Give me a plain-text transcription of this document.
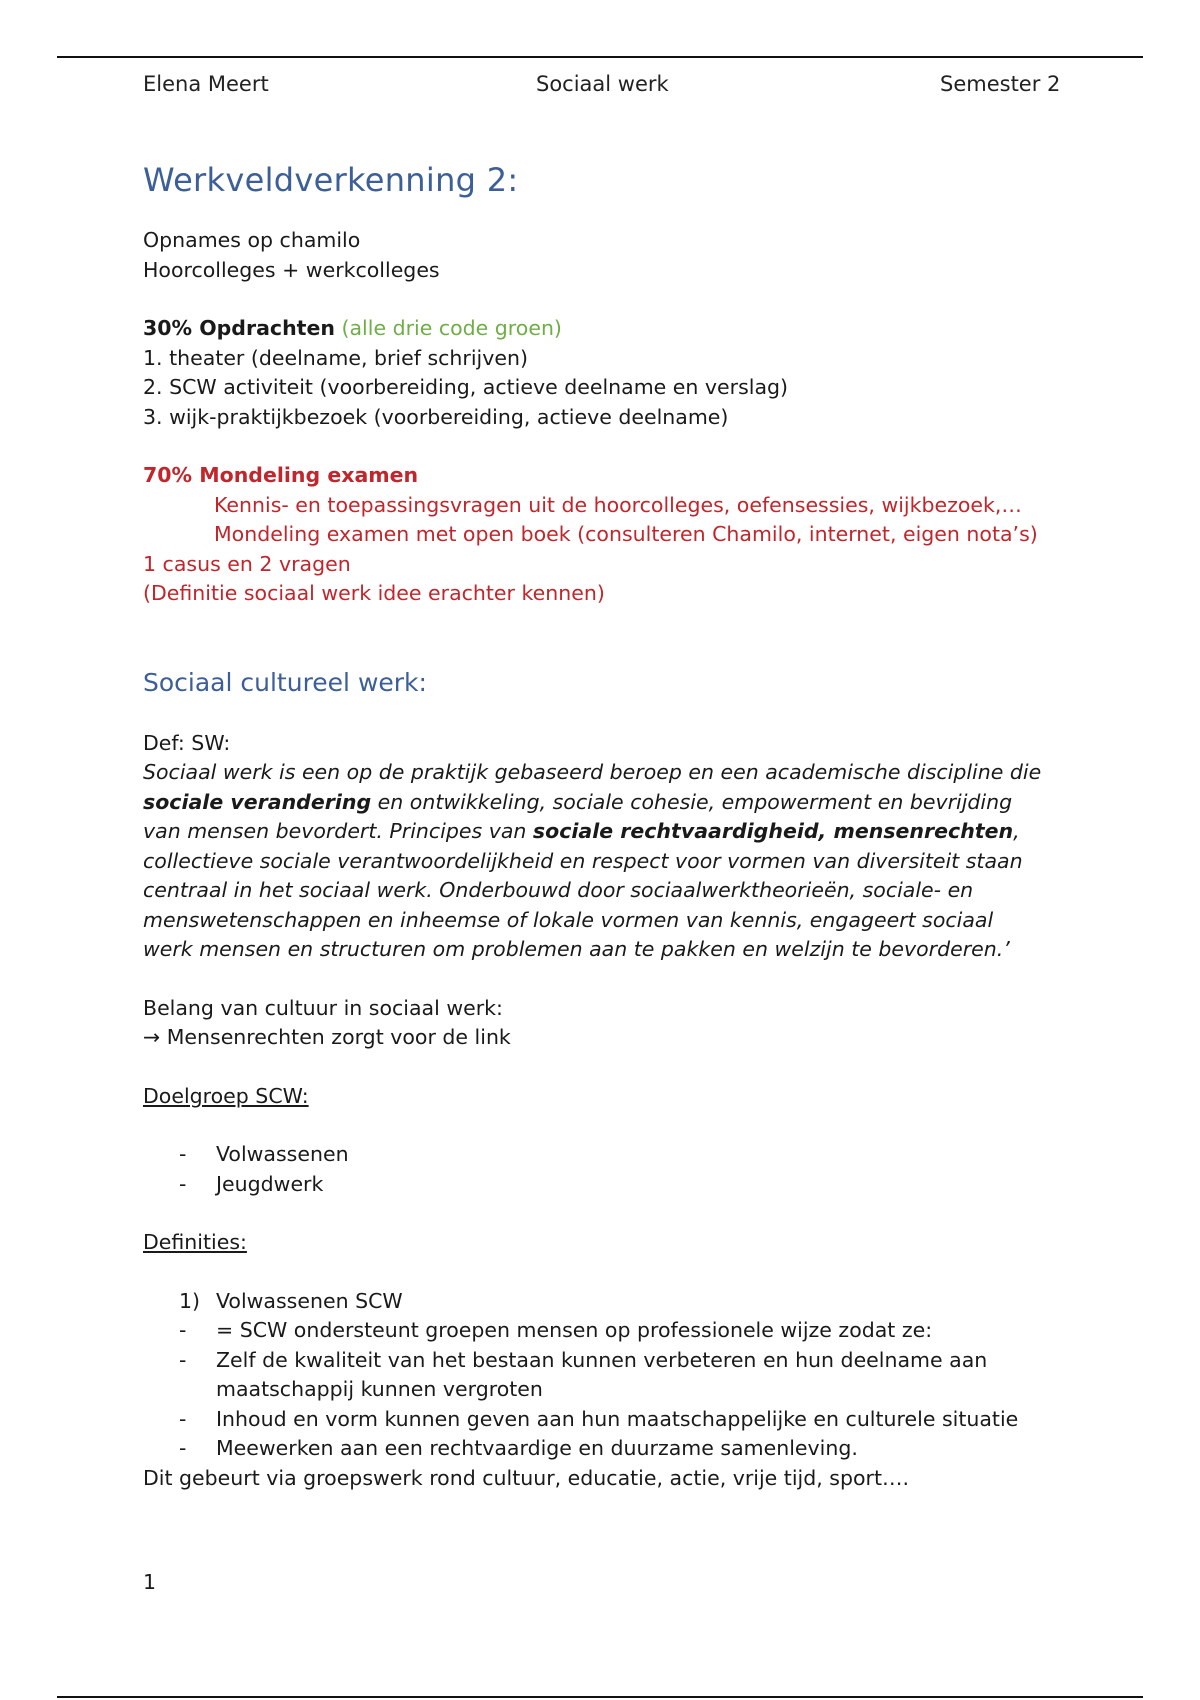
Elena Meert	Sociaal werk	Semester 2
Werkveldverkenning 2:

Opnames op chamilo

Hoorcolleges + werkcolleges

30% Opdrachten (alle drie code groen)

1. theater (deelname, brief schrijven)

2. SCW activiteit (voorbereiding, actieve deelname en verslag)

3. wijk-praktijkbezoek (voorbereiding, actieve deelname)

70% Mondeling examen

Kennis- en toepassingsvragen uit de hoorcolleges, oefensessies, wijkbezoek,…

Mondeling examen met open boek (consulteren Chamilo, internet, eigen nota’s)

1 casus en 2 vragen

(Definitie sociaal werk idee erachter kennen)

Sociaal cultureel werk:

Def: SW:

Sociaal werk is een op de praktijk gebaseerd beroep en een academische discipline die sociale verandering en ontwikkeling, sociale cohesie, empowerment en bevrijding van mensen bevordert. Principes van sociale rechtvaardigheid, mensenrechten, collectieve sociale verantwoordelijkheid en respect voor vormen van diversiteit staan centraal in het sociaal werk. Onderbouwd door sociaalwerktheorieën, sociale- en menswetenschappen en inheemse of lokale vormen van kennis, engageert sociaal werk mensen en structuren om problemen aan te pakken en welzijn te bevorderen.’

Belang van cultuur in sociaal werk:

→ Mensenrechten zorgt voor de link

Doelgroep SCW:

- Volwassenen
- Jeugdwerk

Definities:

1) Volwassenen SCW
- = SCW ondersteunt groepen mensen op professionele wijze zodat ze:
- Zelf de kwaliteit van het bestaan kunnen verbeteren en hun deelname aan maatschappij kunnen vergroten
- Inhoud en vorm kunnen geven aan hun maatschappelijke en culturele situatie
- Meewerken aan een rechtvaardige en duurzame samenleving.

Dit gebeurt via groepswerk rond cultuur, educatie, actie, vrije tijd, sport….

1
